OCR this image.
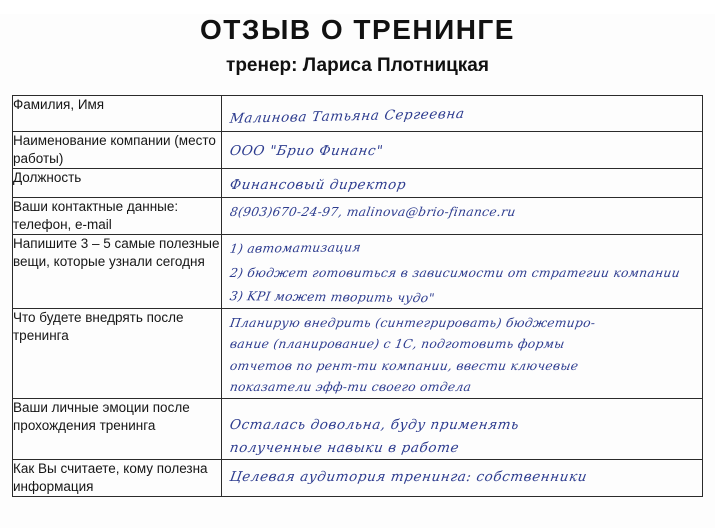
ОТЗЫВ О ТРЕНИНГЕ
тренер: Лариса Плотницкая
Фамилия, Имя	Малинова Татьяна Сергеевна

Наименование компании (место работы)	ООО "Брио Финанс"

Должность	Финансовый директор

Ваши контактные данные: телефон, e-mail	8(903)670-24-97, malinova@brio-finance.ru

Напишите 3 – 5 самые полезные вещи, которые узнали сегодня	1) автоматизация
2) бюджет готовиться в зависимости от стратегии компании
3) KPI может творить чудо"

Что будете внедрять после тренинга	Планирую внедрить (синтегрировать) бюджетиро-
вание (планирование) с 1С, подготовить формы
отчетов по рент-ти компании, ввести ключевые
показатели эфф-ти своего отдела

Ваши личные эмоции после прохождения тренинга	Осталась довольна, буду применять
полученные навыки в работе

Как Вы считаете, кому полезна информация	Целевая аудитория тренинга: собственники
